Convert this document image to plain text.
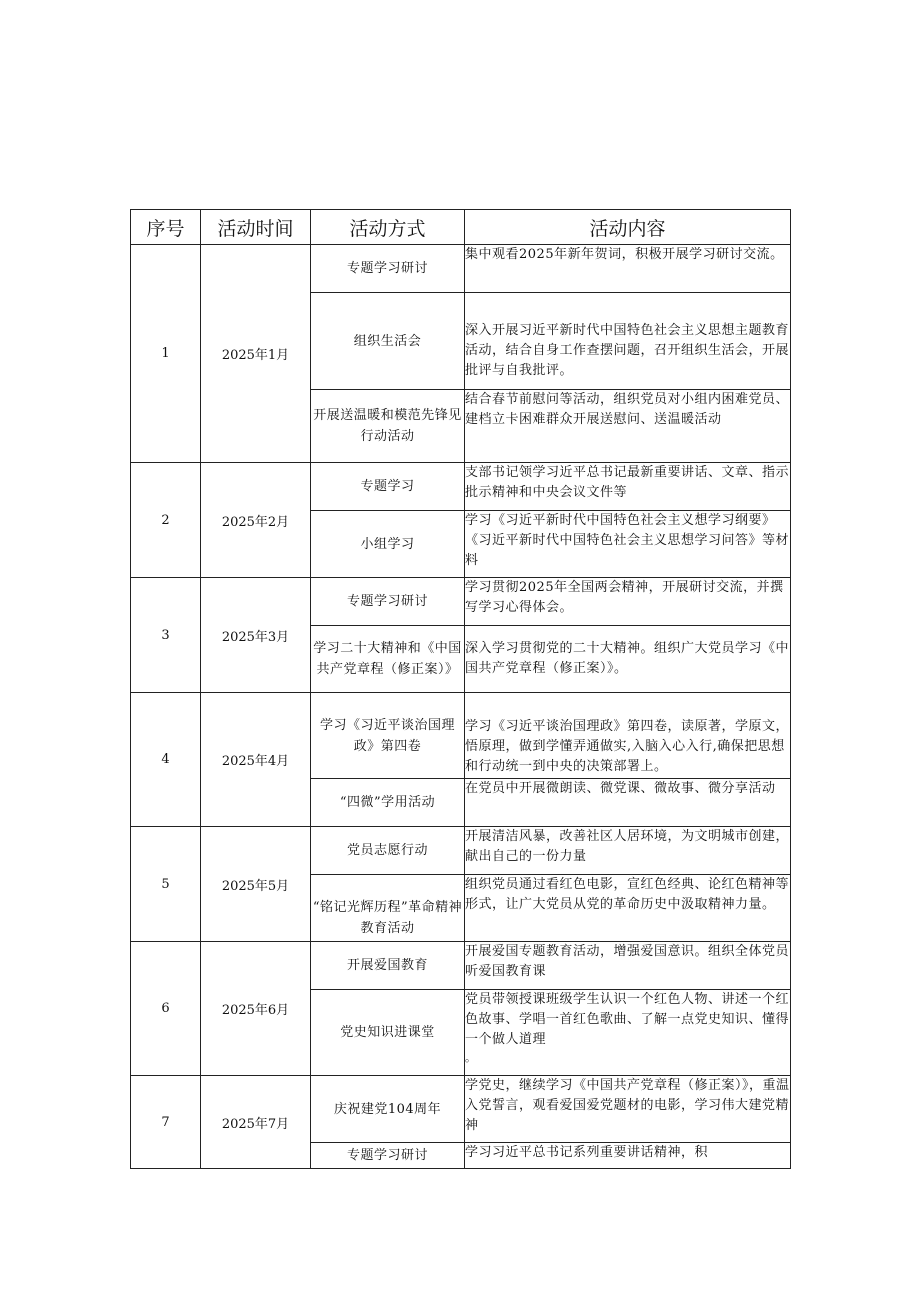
序号	活动时间	活动方式	活动内容
1	2025年1月	专题学习研讨	集中观看2025年新年贺词，积极开展学习研讨交流。
		组织生活会	深入开展习近平新时代中国特色社会主义思想主题教育活动，结合自身工作查摆问题，召开组织生活会，开展批评与自我批评。
		开展送温暖和模范先锋见行动活动	结合春节前慰问等活动，组织党员对小组内困难党员、建档立卡困难群众开展送慰问、送温暖活动
2	2025年2月	专题学习	支部书记领学习近平总书记最新重要讲话、文章、指示批示精神和中央会议文件等
		小组学习	学习《习近平新时代中国特色社会主义想学习纲要》《习近平新时代中国特色社会主义思想学习问答》等材料
3	2025年3月	专题学习研讨	学习贯彻2025年全国两会精神，开展研讨交流，并撰写学习心得体会。
		学习二十大精神和《中国共产党章程（修正案）》	深入学习贯彻党的二十大精神。组织广大党员学习《中国共产党章程（修正案）》。
4	2025年4月	学习《习近平谈治国理政》第四卷	学习《习近平谈治国理政》第四卷，读原著，学原文，悟原理，做到学懂弄通做实,入脑入心入行,确保把思想和行动统一到中央的决策部署上。
		“四微”学用活动	在党员中开展微朗读、微党课、微故事、微分享活动
5	2025年5月	党员志愿行动	开展清洁风暴，改善社区人居环境，为文明城市创建，献出自己的一份力量
		“铭记光辉历程”革命精神教育活动	组织党员通过看红色电影，宣红色经典、论红色精神等形式，让广大党员从党的革命历史中汲取精神力量。
6	2025年6月	开展爱国教育	开展爱国专题教育活动，增强爱国意识。组织全体党员听爱国教育课
		党史知识进课堂	党员带领授课班级学生认识一个红色人物、讲述一个红色故事、学唱一首红色歌曲、了解一点党史知识、懂得一个做人道理
。

7	2025年7月	庆祝建党104周年	学党史，继续学习《中国共产党章程（修正案）》，重温入党誓言，观看爱国爱党题材的电影，学习伟大建党精神
		专题学习研讨	学习习近平总书记系列重要讲话精神，积
